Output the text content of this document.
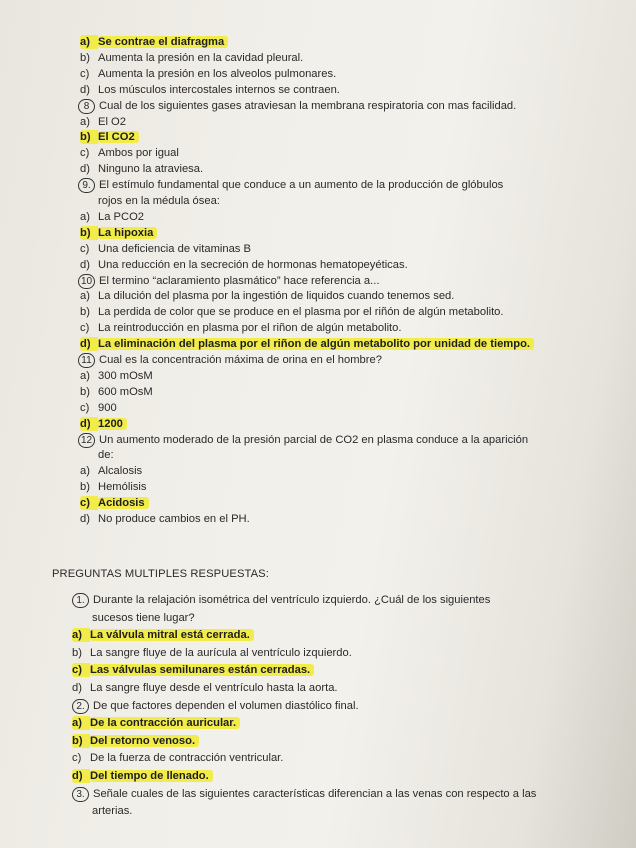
a) Se contrae el diafragma
b) Aumenta la presión en la cavidad pleural.
c) Aumenta la presión en los alveolos pulmonares.
d) Los músculos intercostales internos se contraen.
8 Cual de los siguientes gases atraviesan la membrana respiratoria con mas facilidad.
a) El O2
b) El CO2
c) Ambos por igual
d) Ninguno la atraviesa.
9. El estímulo fundamental que conduce a un aumento de la producción de glóbulos
rojos en la médula ósea:
a) La PCO2
b) La hipoxia
c) Una deficiencia de vitaminas B
d) Una reducción en la secreción de hormonas hematopeyéticas.
10 El termino “aclaramiento plasmático” hace referencia a...
a) La dilución del plasma por la ingestión de liquidos cuando tenemos sed.
b) La perdida de color que se produce en el plasma por el riñón de algún metabolito.
c) La reintroducción en plasma por el riñon de algún metabolito.
d) La eliminación del plasma por el riñon de algún metabolito por unidad de tiempo.
11 Cual es la concentración máxima de orina en el hombre?
a) 300 mOsM
b) 600 mOsM
c) 900
d) 1200
12 Un aumento moderado de la presión parcial de CO2 en plasma conduce a la aparición
de:
a) Alcalosis
b) Hemólisis
c) Acidosis
d) No produce cambios en el PH.
PREGUNTAS MULTIPLES RESPUESTAS:
1. Durante la relajación isométrica del ventrículo izquierdo. ¿Cuál de los siguientes
sucesos tiene lugar?
a) La válvula mitral está cerrada.
b) La sangre fluye de la aurícula al ventrículo izquierdo.
c) Las válvulas semilunares están cerradas.
d) La sangre fluye desde el ventrículo hasta la aorta.
2. De que factores dependen el volumen diastólico final.
a) De la contracción auricular.
b) Del retorno venoso.
c) De la fuerza de contracción ventricular.
d) Del tiempo de llenado.
3. Señale cuales de las siguientes características diferencian a las venas con respecto a las
arterias.
